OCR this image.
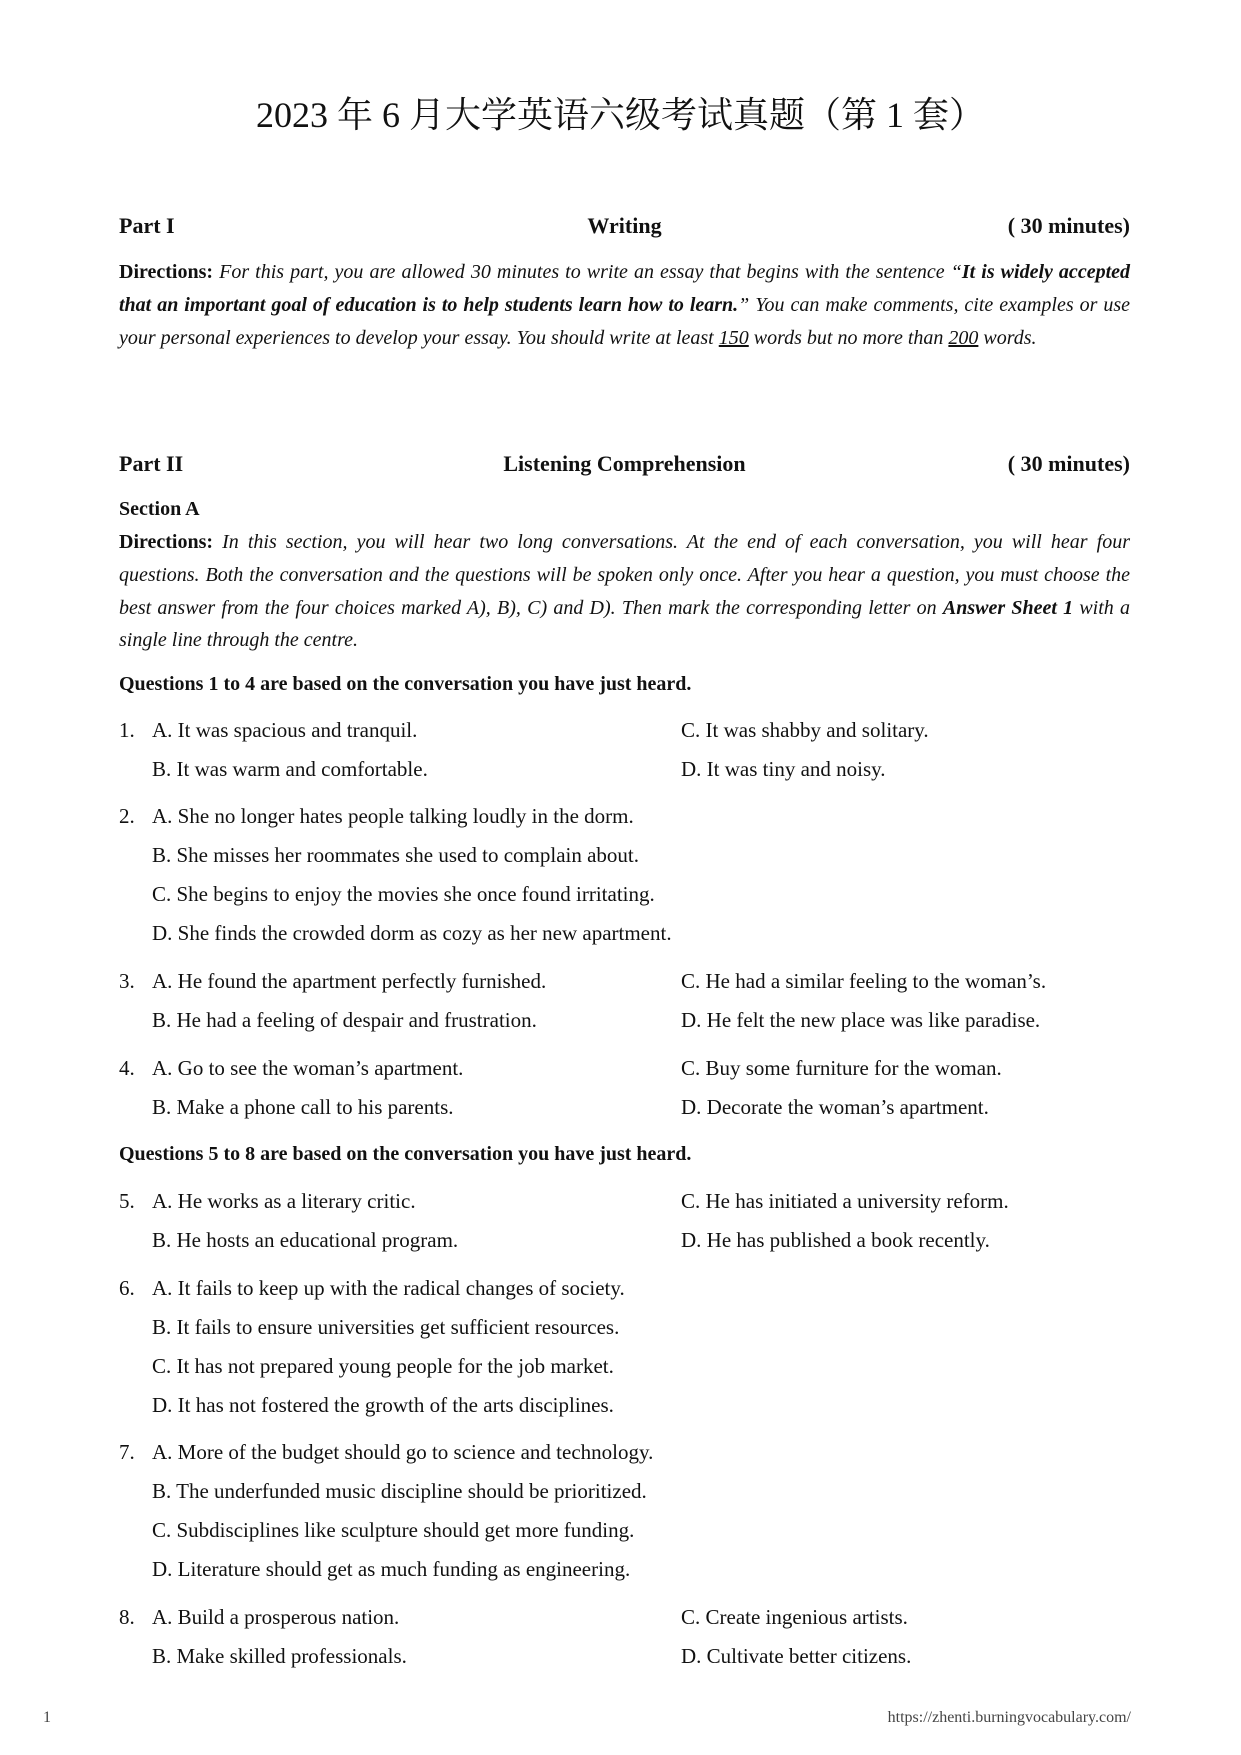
2023 年 6 月大学英语六级考试真题（第 1 套）
Part I	Writing	( 30 minutes)
Directions: For this part, you are allowed 30 minutes to write an essay that begins with the sentence “It is widely accepted that an important goal of education is to help students learn how to learn.” You can make comments, cite examples or use your personal experiences to develop your essay. You should write at least 150 words but no more than 200 words.
Part II	Listening Comprehension	( 30 minutes)
Section A
Directions: In this section, you will hear two long conversations. At the end of each conversation, you will hear four questions. Both the conversation and the questions will be spoken only once. After you hear a question, you must choose the best answer from the four choices marked A), B), C) and D). Then mark the corresponding letter on Answer Sheet 1 with a single line through the centre.
Questions 1 to 4 are based on the conversation you have just heard.
1. A. It was spacious and tranquil.	C. It was shabby and solitary.
B. It was warm and comfortable.	D. It was tiny and noisy.
2. A. She no longer hates people talking loudly in the dorm.
B. She misses her roommates she used to complain about.
C. She begins to enjoy the movies she once found irritating.
D. She finds the crowded dorm as cozy as her new apartment.
3. A. He found the apartment perfectly furnished.	C. He had a similar feeling to the woman’s.
B. He had a feeling of despair and frustration.	D. He felt the new place was like paradise.
4. A. Go to see the woman’s apartment.	C. Buy some furniture for the woman.
B. Make a phone call to his parents.	D. Decorate the woman’s apartment.
Questions 5 to 8 are based on the conversation you have just heard.
5. A. He works as a literary critic.	C. He has initiated a university reform.
B. He hosts an educational program.	D. He has published a book recently.
6. A. It fails to keep up with the radical changes of society.
B. It fails to ensure universities get sufficient resources.
C. It has not prepared young people for the job market.
D. It has not fostered the growth of the arts disciplines.
7. A. More of the budget should go to science and technology.
B. The underfunded music discipline should be prioritized.
C. Subdisciplines like sculpture should get more funding.
D. Literature should get as much funding as engineering.
8. A. Build a prosperous nation.	C. Create ingenious artists.
B. Make skilled professionals.	D. Cultivate better citizens.
1	https://zhenti.burningvocabulary.com/
